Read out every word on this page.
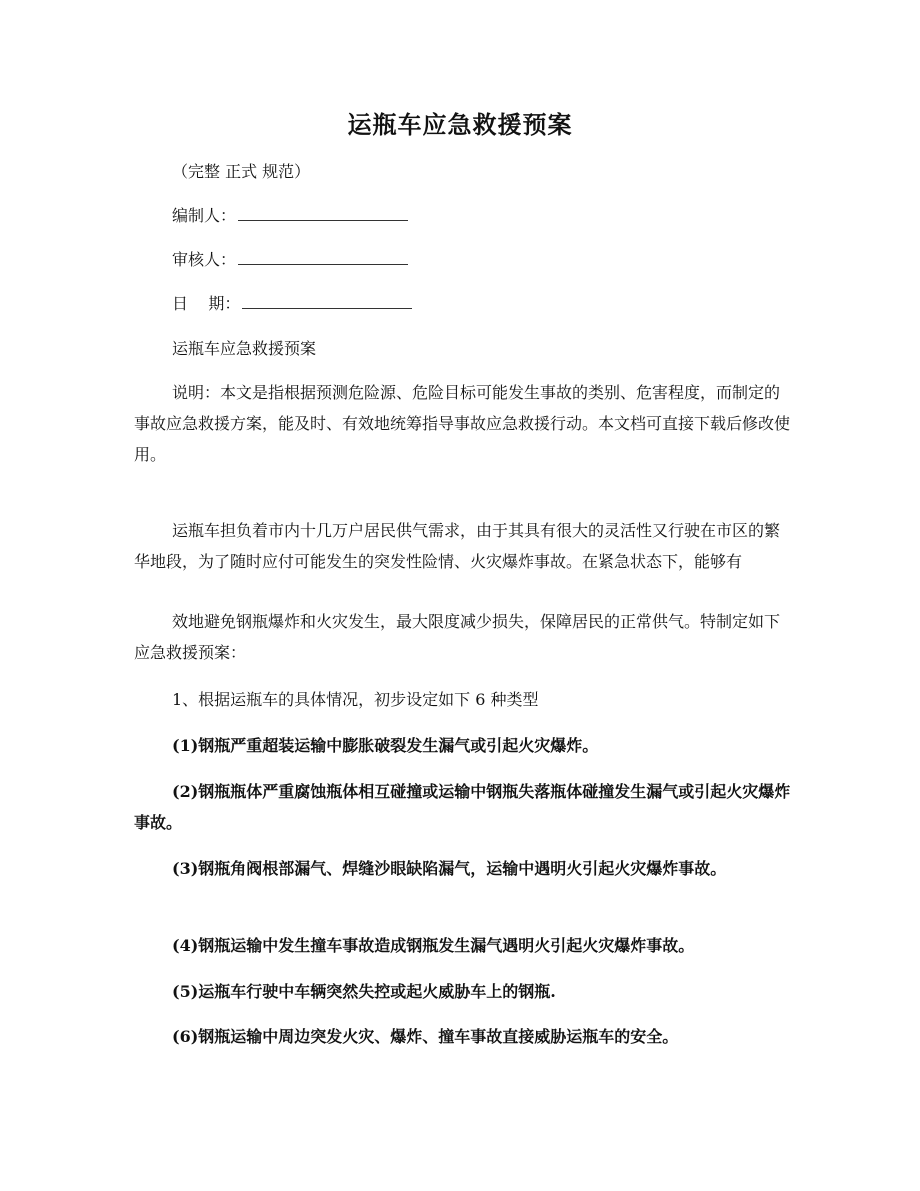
运瓶车应急救援预案
（完整 正式 规范）
编制人：
审核人：
日    期：
运瓶车应急救援预案
说明：本文是指根据预测危险源、危险目标可能发生事故的类别、危害程度，而制定的事故应急救援方案，能及时、有效地统筹指导事故应急救援行动。本文档可直接下载后修改使用。
运瓶车担负着市内十几万户居民供气需求，由于其具有很大的灵活性又行驶在市区的繁华地段，为了随时应付可能发生的突发性险情、火灾爆炸事故。在紧急状态下，能够有
效地避免钢瓶爆炸和火灾发生，最大限度减少损失，保障居民的正常供气。特制定如下应急救援预案：
1、根据运瓶车的具体情况，初步设定如下 6 种类型
(1)钢瓶严重超装运输中膨胀破裂发生漏气或引起火灾爆炸。
(2)钢瓶瓶体严重腐蚀瓶体相互碰撞或运输中钢瓶失落瓶体碰撞发生漏气或引起火灾爆炸事故。
(3)钢瓶角阀根部漏气、焊缝沙眼缺陷漏气，运输中遇明火引起火灾爆炸事故。
(4)钢瓶运输中发生撞车事故造成钢瓶发生漏气遇明火引起火灾爆炸事故。
(5)运瓶车行驶中车辆突然失控或起火威胁车上的钢瓶.
(6)钢瓶运输中周边突发火灾、爆炸、撞车事故直接威胁运瓶车的安全。
